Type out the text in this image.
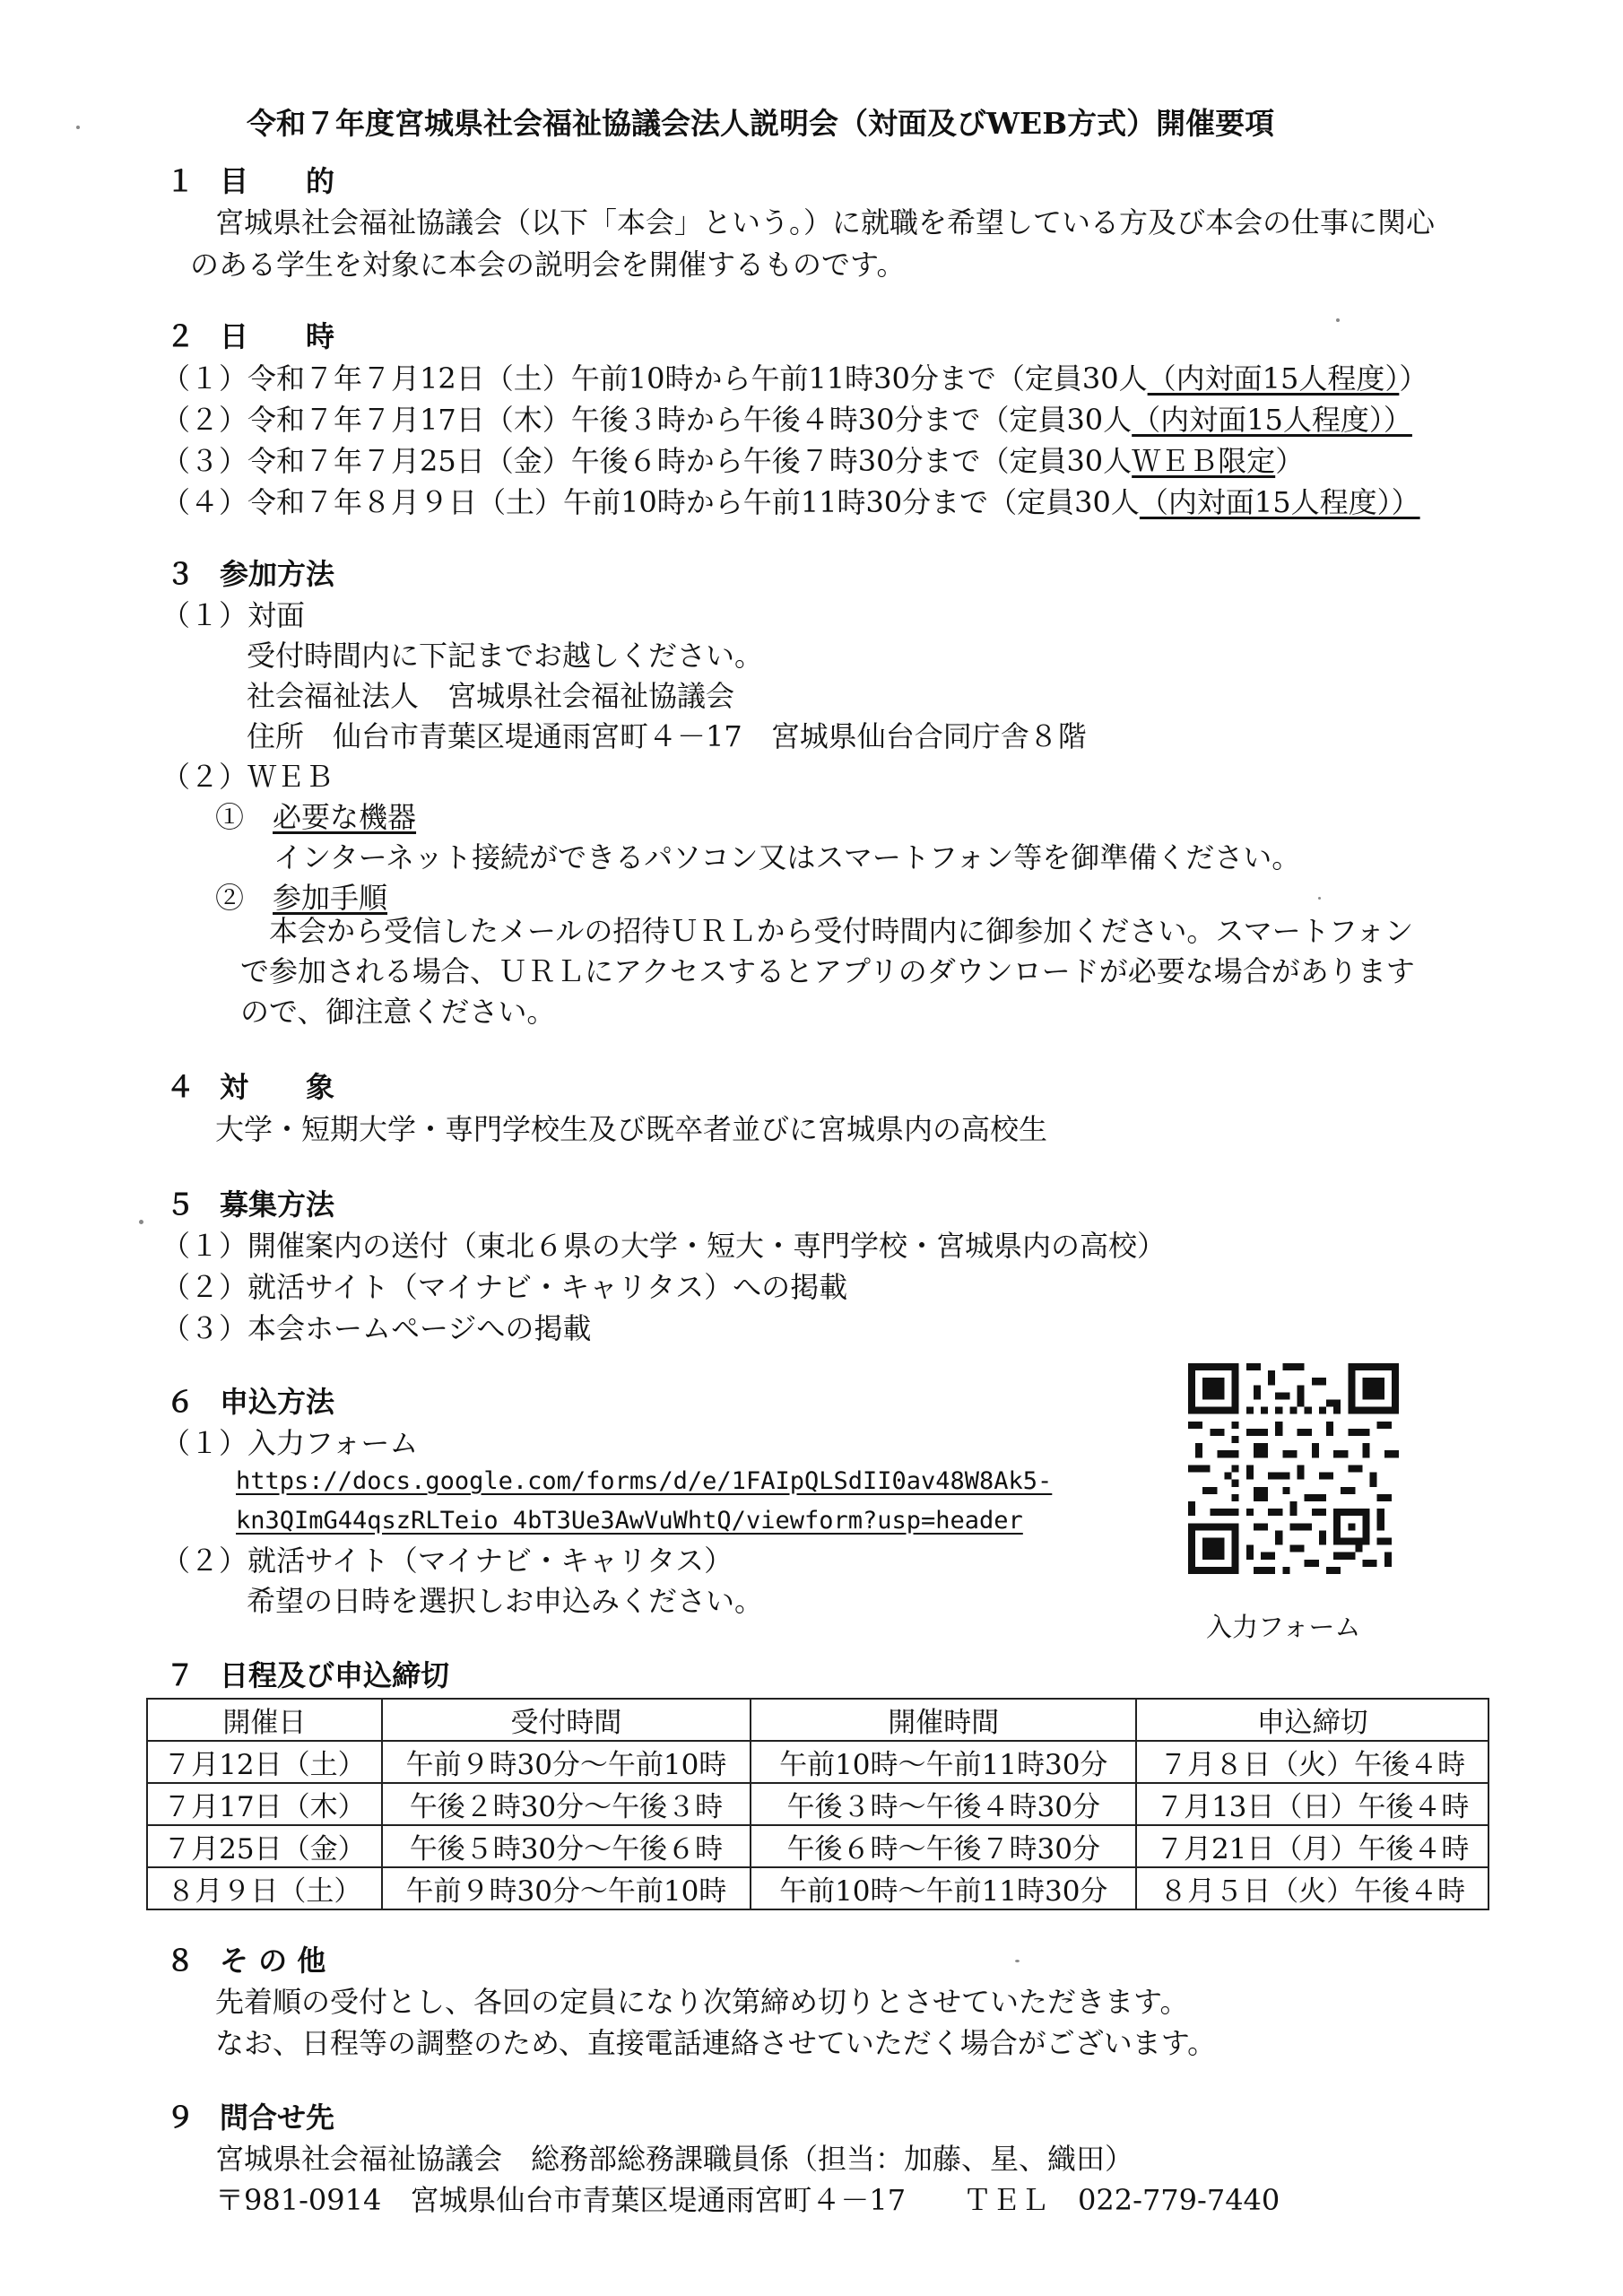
令和７年度宮城県社会福祉協議会法人説明会（対面及びWEB方式）開催要項
１ 目　　的
宮城県社会福祉協議会（以下「本会」という。）に就職を希望している方及び本会の仕事に関心
のある学生を対象に本会の説明会を開催するものです。
２ 日　　時
（１）令和７年７月12日（土）午前10時から午前11時30分まで（定員30人（内対面15人程度））
（２）令和７年７月17日（木）午後３時から午後４時30分まで（定員30人（内対面15人程度））
（３）令和７年７月25日（金）午後６時から午後７時30分まで（定員30人ＷＥＢ限定）
（４）令和７年８月９日（土）午前10時から午前11時30分まで（定員30人（内対面15人程度））
３ 参加方法
（１）対面
受付時間内に下記までお越しください。
社会福祉法人　宮城県社会福祉協議会
住所　仙台市青葉区堤通雨宮町４－17　宮城県仙台合同庁舎８階
（２）ＷＥＢ
①　 必要な機器
インターネット接続ができるパソコン又はスマートフォン等を御準備ください。
②　 参加手順
本会から受信したメールの招待ＵＲＬから受付時間内に御参加ください。スマートフォン
で参加される場合、ＵＲＬにアクセスするとアプリのダウンロードが必要な場合があります
ので、御注意ください。
４ 対　　象
大学・短期大学・専門学校生及び既卒者並びに宮城県内の高校生
５ 募集方法
（１）開催案内の送付（東北６県の大学・短大・専門学校・宮城県内の高校）
（２）就活サイト（マイナビ・キャリタス）への掲載
（３）本会ホームページへの掲載
６ 申込方法
（１）入力フォーム
https://docs.google.com/forms/d/e/1FAIpQLSdII0av48W8Ak5-
kn3QImG44qszRLTeio_4bT3Ue3AwVuWhtQ/viewform?usp=header
（２）就活サイト（マイナビ・キャリタス）
希望の日時を選択しお申込みください。
入力フォーム
７ 日程及び申込締切
開催日	受付時間	開催時間	申込締切
７月12日（土）	午前９時30分～午前10時	午前10時～午前11時30分	７月８日（火）午後４時
７月17日（木）	午後２時30分～午後３時	午後３時～午後４時30分	７月13日（日）午後４時
７月25日（金）	午後５時30分～午後６時	午後６時～午後７時30分	７月21日（月）午後４時
８月９日（土）	午前９時30分～午前10時	午前10時～午前11時30分	８月５日（火）午後４時
８ そ の 他
先着順の受付とし、各回の定員になり次第締め切りとさせていただきます。
なお、日程等の調整のため、直接電話連絡させていただく場合がございます。
９ 問合せ先
宮城県社会福祉協議会　総務部総務課職員係（担当：加藤、星、織田）
〒981-0914　宮城県仙台市青葉区堤通雨宮町４－17　　ＴＥＬ　022-779-7440
